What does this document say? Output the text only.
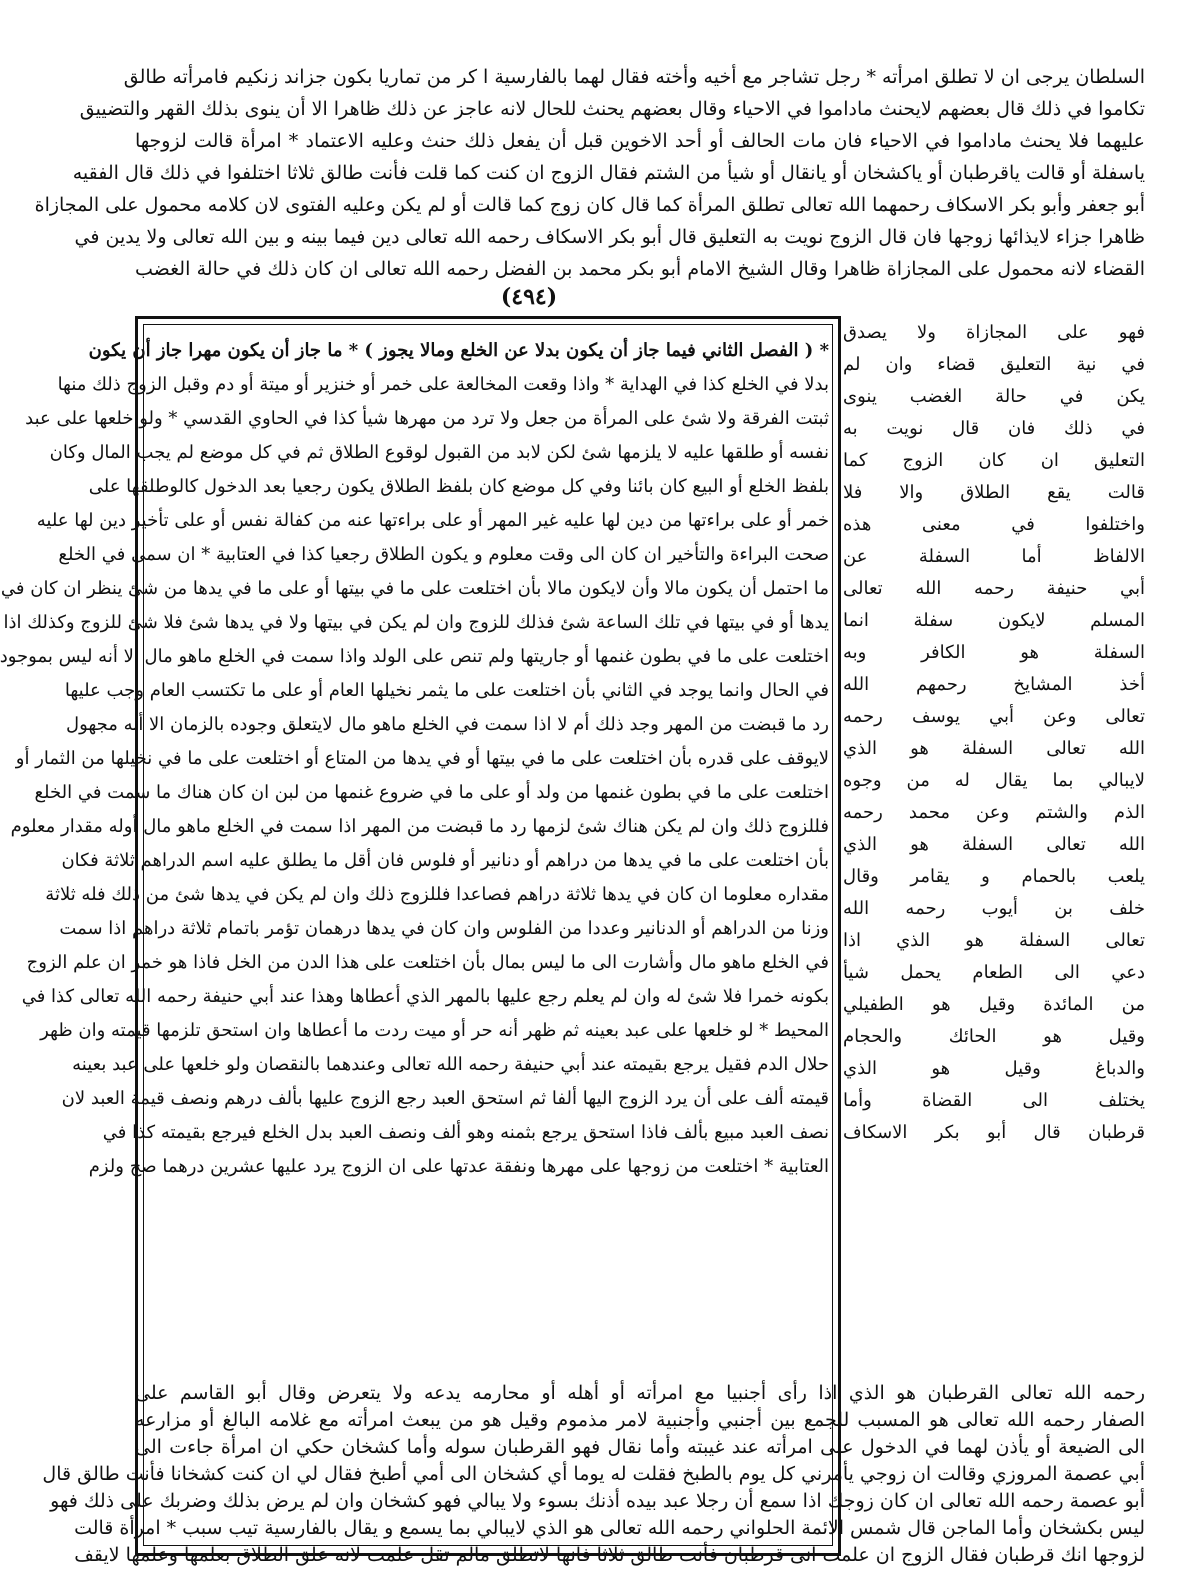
السلطان يرجى ان لا تطلق امرأته * رجل تشاجر مع أخيه وأخته فقال لهما بالفارسية ا كر من تماريا بكون جزاند زنكيم فامرأته طالق
تكاموا في ذلك قال بعضهم لايحنث ماداموا في الاحياء وقال بعضهم يحنث للحال لانه عاجز عن ذلك ظاهرا الا أن ينوى بذلك القهر والتضييق
عليهما فلا يحنث ماداموا في الاحياء فان مات الحالف أو أحد الاخوين قبل أن يفعل ذلك حنث وعليه الاعتماد * امرأة قالت لزوجها
ياسفلة أو قالت ياقرطبان أو ياكشخان أو يانقال أو شيأ من الشتم فقال الزوج ان كنت كما قلت فأنت طالق ثلاثا اختلفوا في ذلك قال الفقيه
أبو جعفر وأبو بكر الاسكاف رحمهما الله تعالى تطلق المرأة كما قال كان زوج كما قالت أو لم يكن وعليه الفتوى لان كلامه محمول على المجازاة
ظاهرا جزاء لايذائها زوجها فان قال الزوج نويت به التعليق قال أبو بكر الاسكاف رحمه الله تعالى دين فيما بينه و بين الله تعالى ولا يدين في
القضاء لانه محمول على المجازاة ظاهرا وقال الشيخ الامام أبو بكر محمد بن الفضل رحمه الله تعالى ان كان ذلك في حالة الغضب
(٤٩٤)
فهو على المجازاة ولا يصدق
في نية التعليق قضاء وان لم
يكن في حالة الغضب ينوى
في ذلك فان قال نويت به
التعليق ان كان الزوج كما
قالت يقع الطلاق والا فلا
واختلفوا في معنى هذه
الالفاظ أما السفلة عن
أبي حنيفة رحمه الله تعالى
المسلم لايكون سفلة انما
السفلة هو الكافر وبه
أخذ المشايخ رحمهم الله
تعالى وعن أبي يوسف رحمه
الله تعالى السفلة هو الذي
لايبالي بما يقال له من وجوه
الذم والشتم وعن محمد رحمه
الله تعالى السفلة هو الذي
يلعب بالحمام و يقامر وقال
خلف بن أيوب رحمه الله
تعالى السفلة هو الذي اذا
دعي الى الطعام يحمل شيأ
من المائدة وقيل هو الطفيلي
وقيل هو الحائك والحجام
والدباغ وقيل هو الذي
يختلف الى القضاة وأما
قرطبان قال أبو بكر الاسكاف
* ( الفصل الثاني فيما جاز أن يكون بدلا عن الخلع ومالا يجوز ) * ما جاز أن يكون مهرا جاز أن يكون
بدلا في الخلع كذا في الهداية * واذا وقعت المخالعة على خمر أو خنزير أو ميتة أو دم وقبل الزوج ذلك منها
ثبتت الفرقة ولا شئ على المرأة من جعل ولا ترد من مهرها شيأ كذا في الحاوي القدسي * ولو خلعها على عبد
نفسه أو طلقها عليه لا يلزمها شئ لكن لابد من القبول لوقوع الطلاق ثم في كل موضع لم يجب المال وكان
بلفظ الخلع أو البيع كان بائنا وفي كل موضع كان بلفظ الطلاق يكون رجعيا بعد الدخول كالوطلقها على
خمر أو على براءتها من دين لها عليه غير المهر أو على براءتها عنه من كفالة نفس أو على تأخير دين لها عليه
صحت البراءة والتأخير ان كان الى وقت معلوم و يكون الطلاق رجعيا كذا في العتابية * ان سمى في الخلع
ما احتمل أن يكون مالا وأن لايكون مالا بأن اختلعت على ما في بيتها أو على ما في يدها من شئ ينظر ان كان في
يدها أو في بيتها في تلك الساعة شئ فذلك للزوج وان لم يكن في بيتها ولا في يدها شئ فلا شئ للزوج وكذلك اذا
اختلعت على ما في بطون غنمها أو جاريتها ولم تنص على الولد واذا سمت في الخلع ماهو مال الا أنه ليس بموجود
في الحال وانما يوجد في الثاني بأن اختلعت على ما يثمر نخيلها العام أو على ما تكتسب العام وجب عليها
رد ما قبضت من المهر وجد ذلك أم لا اذا سمت في الخلع ماهو مال لايتعلق وجوده بالزمان الا أنه مجهول
لايوقف على قدره بأن اختلعت على ما في بيتها أو في يدها من المتاع أو اختلعت على ما في نخيلها من الثمار أو
اختلعت على ما في بطون غنمها من ولد أو على ما في ضروع غنمها من لبن ان كان هناك ما سمت في الخلع
فللزوج ذلك وان لم يكن هناك شئ لزمها رد ما قبضت من المهر اذا سمت في الخلع ماهو مال أوله مقدار معلوم
بأن اختلعت على ما في يدها من دراهم أو دنانير أو فلوس فان أقل ما يطلق عليه اسم الدراهم ثلاثة فكان
مقداره معلوما ان كان في يدها ثلاثة دراهم فصاعدا فللزوج ذلك وان لم يكن في يدها شئ من ذلك فله ثلاثة
وزنا من الدراهم أو الدنانير وعددا من الفلوس وان كان في يدها درهمان تؤمر باتمام ثلاثة دراهم اذا سمت
في الخلع ماهو مال وأشارت الى ما ليس بمال بأن اختلعت على هذا الدن من الخل فاذا هو خمر ان علم الزوج
بكونه خمرا فلا شئ له وان لم يعلم رجع عليها بالمهر الذي أعطاها وهذا عند أبي حنيفة رحمه الله تعالى كذا في
المحيط * لو خلعها على عبد بعينه ثم ظهر أنه حر أو ميت ردت ما أعطاها وان استحق تلزمها قيمته وان ظهر
حلال الدم فقيل يرجع بقيمته عند أبي حنيفة رحمه الله تعالى وعندهما بالنقصان ولو خلعها على عبد بعينه
قيمته ألف على أن يرد الزوج اليها ألفا ثم استحق العبد رجع الزوج عليها بألف درهم ونصف قيمة العبد لان
نصف العبد مبيع بألف فاذا استحق يرجع بثمنه وهو ألف ونصف العبد بدل الخلع فيرجع بقيمته كذا في
العتابية * اختلعت من زوجها على مهرها ونفقة عدتها على ان الزوج يرد عليها عشرين درهما صح ولزم
رحمه الله تعالى القرطبان هو الذي اذا رأى أجنبيا مع امرأته أو أهله أو محارمه يدعه ولا يتعرض وقال أبو القاسم على
الصفار رحمه الله تعالى هو المسبب للجمع بين أجنبي وأجنبية لامر مذموم وقيل هو من يبعث امرأته مع غلامه البالغ أو مزارعه
الى الضيعة أو يأذن لهما في الدخول على امرأته عند غيبته وأما نقال فهو القرطبان سوله وأما كشخان حكي ان امرأة جاءت الى
أبي عصمة المروزي وقالت ان زوجي يأمرني كل يوم بالطبخ فقلت له يوما أي كشخان الى أمي أطبخ فقال لي ان كنت كشخانا فأنت طالق قال
أبو عصمة رحمه الله تعالى ان كان زوجك اذا سمع أن رجلا عبد بيده أذنك بسوء ولا يبالي فهو كشخان وان لم يرض بذلك وضربك على ذلك فهو
ليس بكشخان وأما الماجن قال شمس الائمة الحلواني رحمه الله تعالى هو الذي لايبالي بما يسمع و يقال بالفارسية تيب سبب * امرأة قالت
لزوجها انك قرطبان فقال الزوج ان علمت انى قرطبان فأنت طالق ثلاثا فانها لاتطلق مالم تقل علمت لانه علق الطلاق بعلمها وعلمها لايقف
